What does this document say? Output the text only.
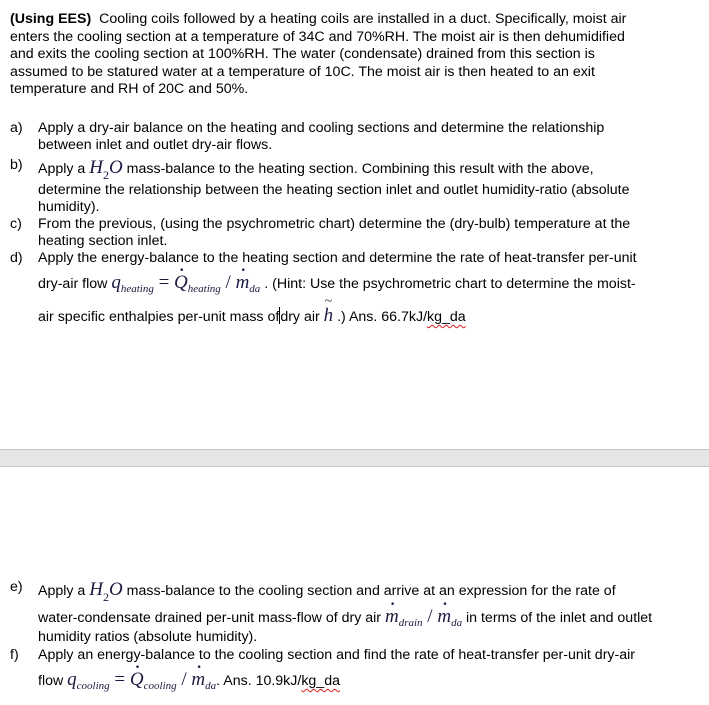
(Using EES) Cooling coils followed by a heating coils are installed in a duct. Specifically, moist air
enters the cooling section at a temperature of 34C and 70%RH. The moist air is then dehumidified
and exits the cooling section at 100%RH. The water (condensate) drained from this section is
assumed to be statured water at a temperature of 10C. The moist air is then heated to an exit
temperature and RH of 20C and 50%.
a) Apply a dry-air balance on the heating and cooling sections and determine the relationship
between inlet and outlet dry-air flows.
b) Apply a $H_2O$ mass-balance to the heating section. Combining this result with the above,
determine the relationship between the heating section inlet and outlet humidity-ratio (absolute
humidity).
c) From the previous, (using the psychrometric chart) determine the (dry-bulb) temperature at the
heating section inlet.
d) Apply the energy-balance to the heating section and determine the rate of heat-transfer per-unit
dry-air flow $q_{heating}$ = . $Q_{heating}$ / . $m_{da}$ . (Hint: Use the psychrometric chart to determine the moist-
air specific enthalpies per-unit mass ofdry air ~ h .) Ans. 66.7kJ/kg_da
e) Apply a $H_2O$ mass-balance to the cooling section and arrive at an expression for the rate of
water-condensate drained per-unit mass-flow of dry air . $m_{drain}$ / . $m_{da}$ in terms of the inlet and outlet
humidity ratios (absolute humidity).
f) Apply an energy-balance to the cooling section and find the rate of heat-transfer per-unit dry-air
flow $q_{cooling}$ = . $Q_{cooling}$ / . $m_{da}$. Ans. 10.9kJ/kg_da
